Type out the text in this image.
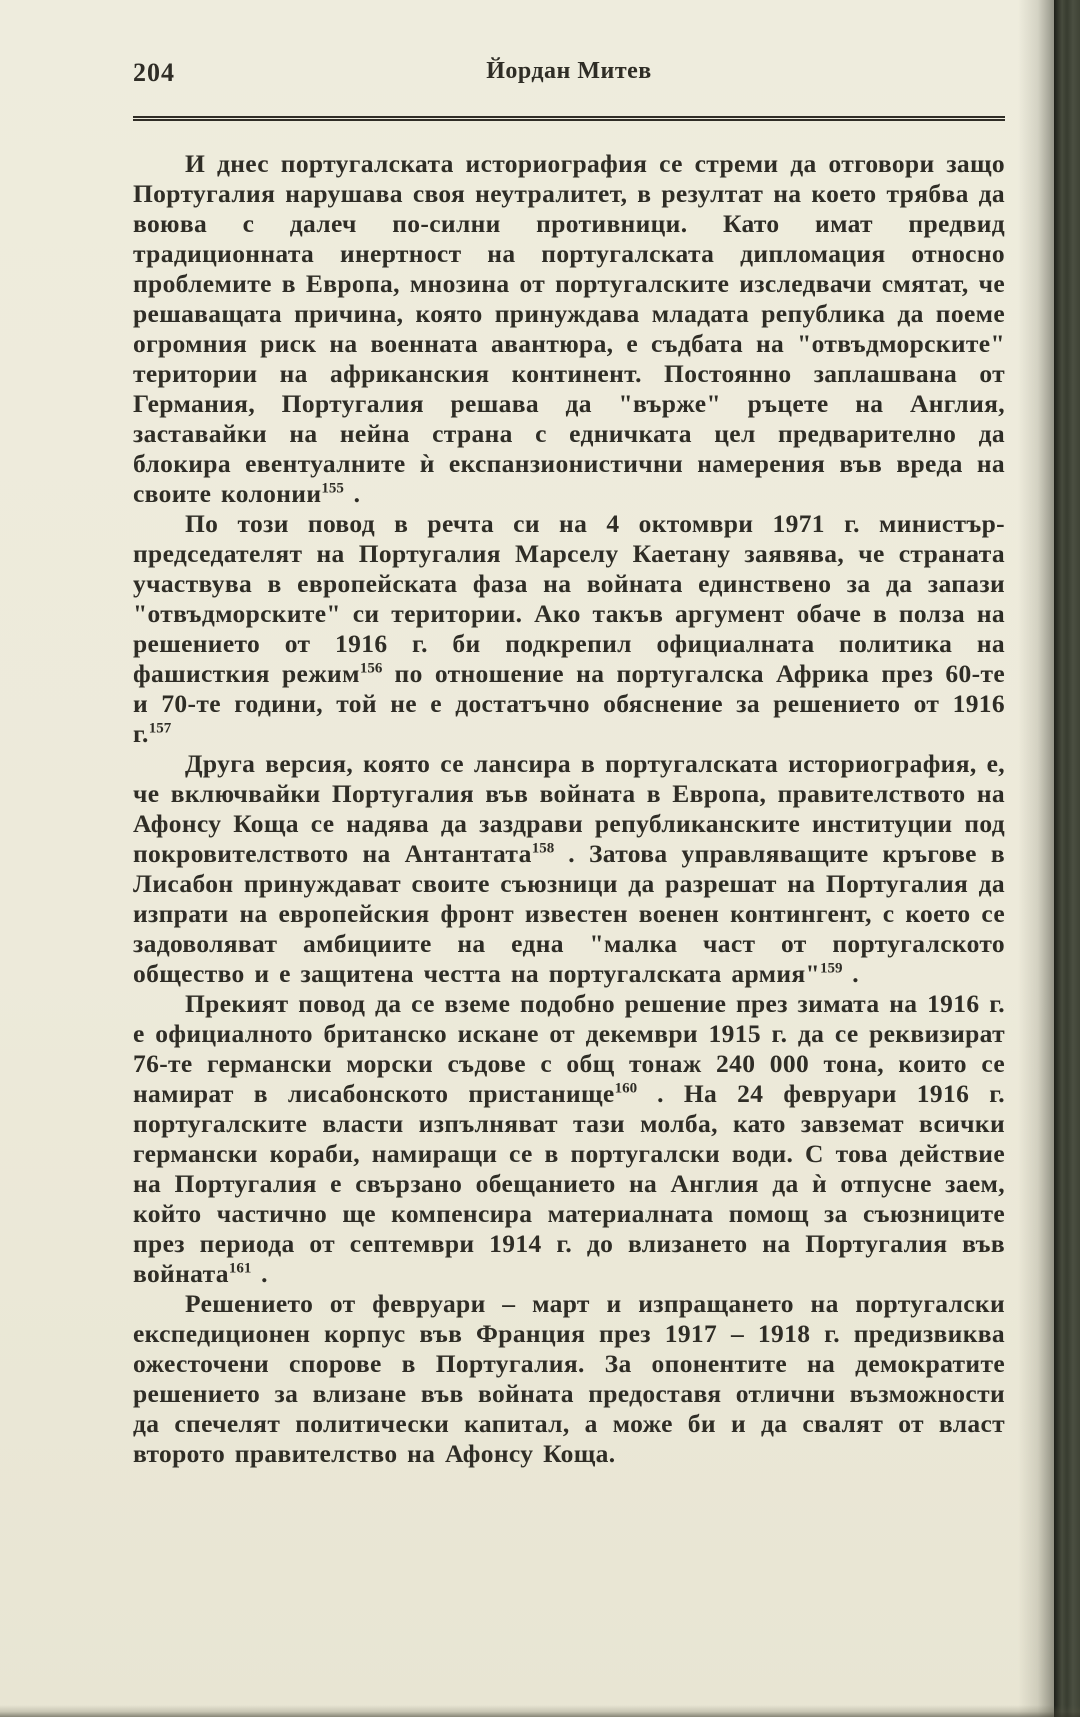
204	Йордан Митев

И днес португалската историография се стреми да отговори защо Португалия нарушава своя неутралитет, в резултат на което трябва да воюва с далеч по-силни противници. Като имат предвид традиционната инертност на португалската дипломация относно проблемите в Европа, мнозина от португалските изследвачи смятат, че решаващата причина, която принуждава младата република да поеме огромния риск на военната авантюра, е съдбата на "отвъдморските" територии на африканския континент. Постоянно заплашвана от Германия, Португалия решава да "върже" ръцете на Англия, заставайки на нейна страна с едничката цел предварително да блокира евентуалните ѝ експанзионистични намерения във вреда на своите колонии$^{155}$ .

По този повод в речта си на 4 октомври 1971 г. министър-председателят на Португалия Марселу Каетану заявява, че страната участвува в европейската фаза на войната единствено за да запази "отвъдморските" си територии. Ако такъв аргумент обаче в полза на решението от 1916 г. би подкрепил официалната политика на фашисткия режим$^{156}$ по отношение на португалска Африка през 60-те и 70-те години, той не е достатъчно обяснение за решението от 1916 г.$^{157}$

Друга версия, която се лансира в португалската историография, е, че включвайки Португалия във войната в Европа, правителството на Афонсу Коща се надява да заздрави републиканските институции под покровителството на Антантата$^{158}$ . Затова управляващите кръгове в Лисабон принуждават своите съюзници да разрешат на Португалия да изпрати на европейския фронт известен военен контингент, с което се задоволяват амбициите на една "малка част от португалското общество и е защитена честта на португалската армия"$^{159}$ .

Прекият повод да се вземе подобно решение през зимата на 1916 г. е официалното британско искане от декември 1915 г. да се реквизират 76-те германски морски съдове с общ тонаж 240 000 тона, които се намират в лисабонското пристанище$^{160}$ . На 24 февруари 1916 г. португалските власти изпълняват тази молба, като завземат всички германски кораби, намиращи се в португалски води. С това действие на Португалия е свързано обещанието на Англия да ѝ отпусне заем, който частично ще компенсира материалната помощ за съюзниците през периода от септември 1914 г. до влизането на Португалия във войната$^{161}$ .

Решението от февруари – март и изпращането на португалски експедиционен корпус във Франция през 1917 – 1918 г. предизвиква ожесточени спорове в Португалия. За опонентите на демократите решението за влизане във войната предоставя отлични възможности да спечелят политически капитал, а може би и да свалят от власт второто правителство на Афонсу Коща.
